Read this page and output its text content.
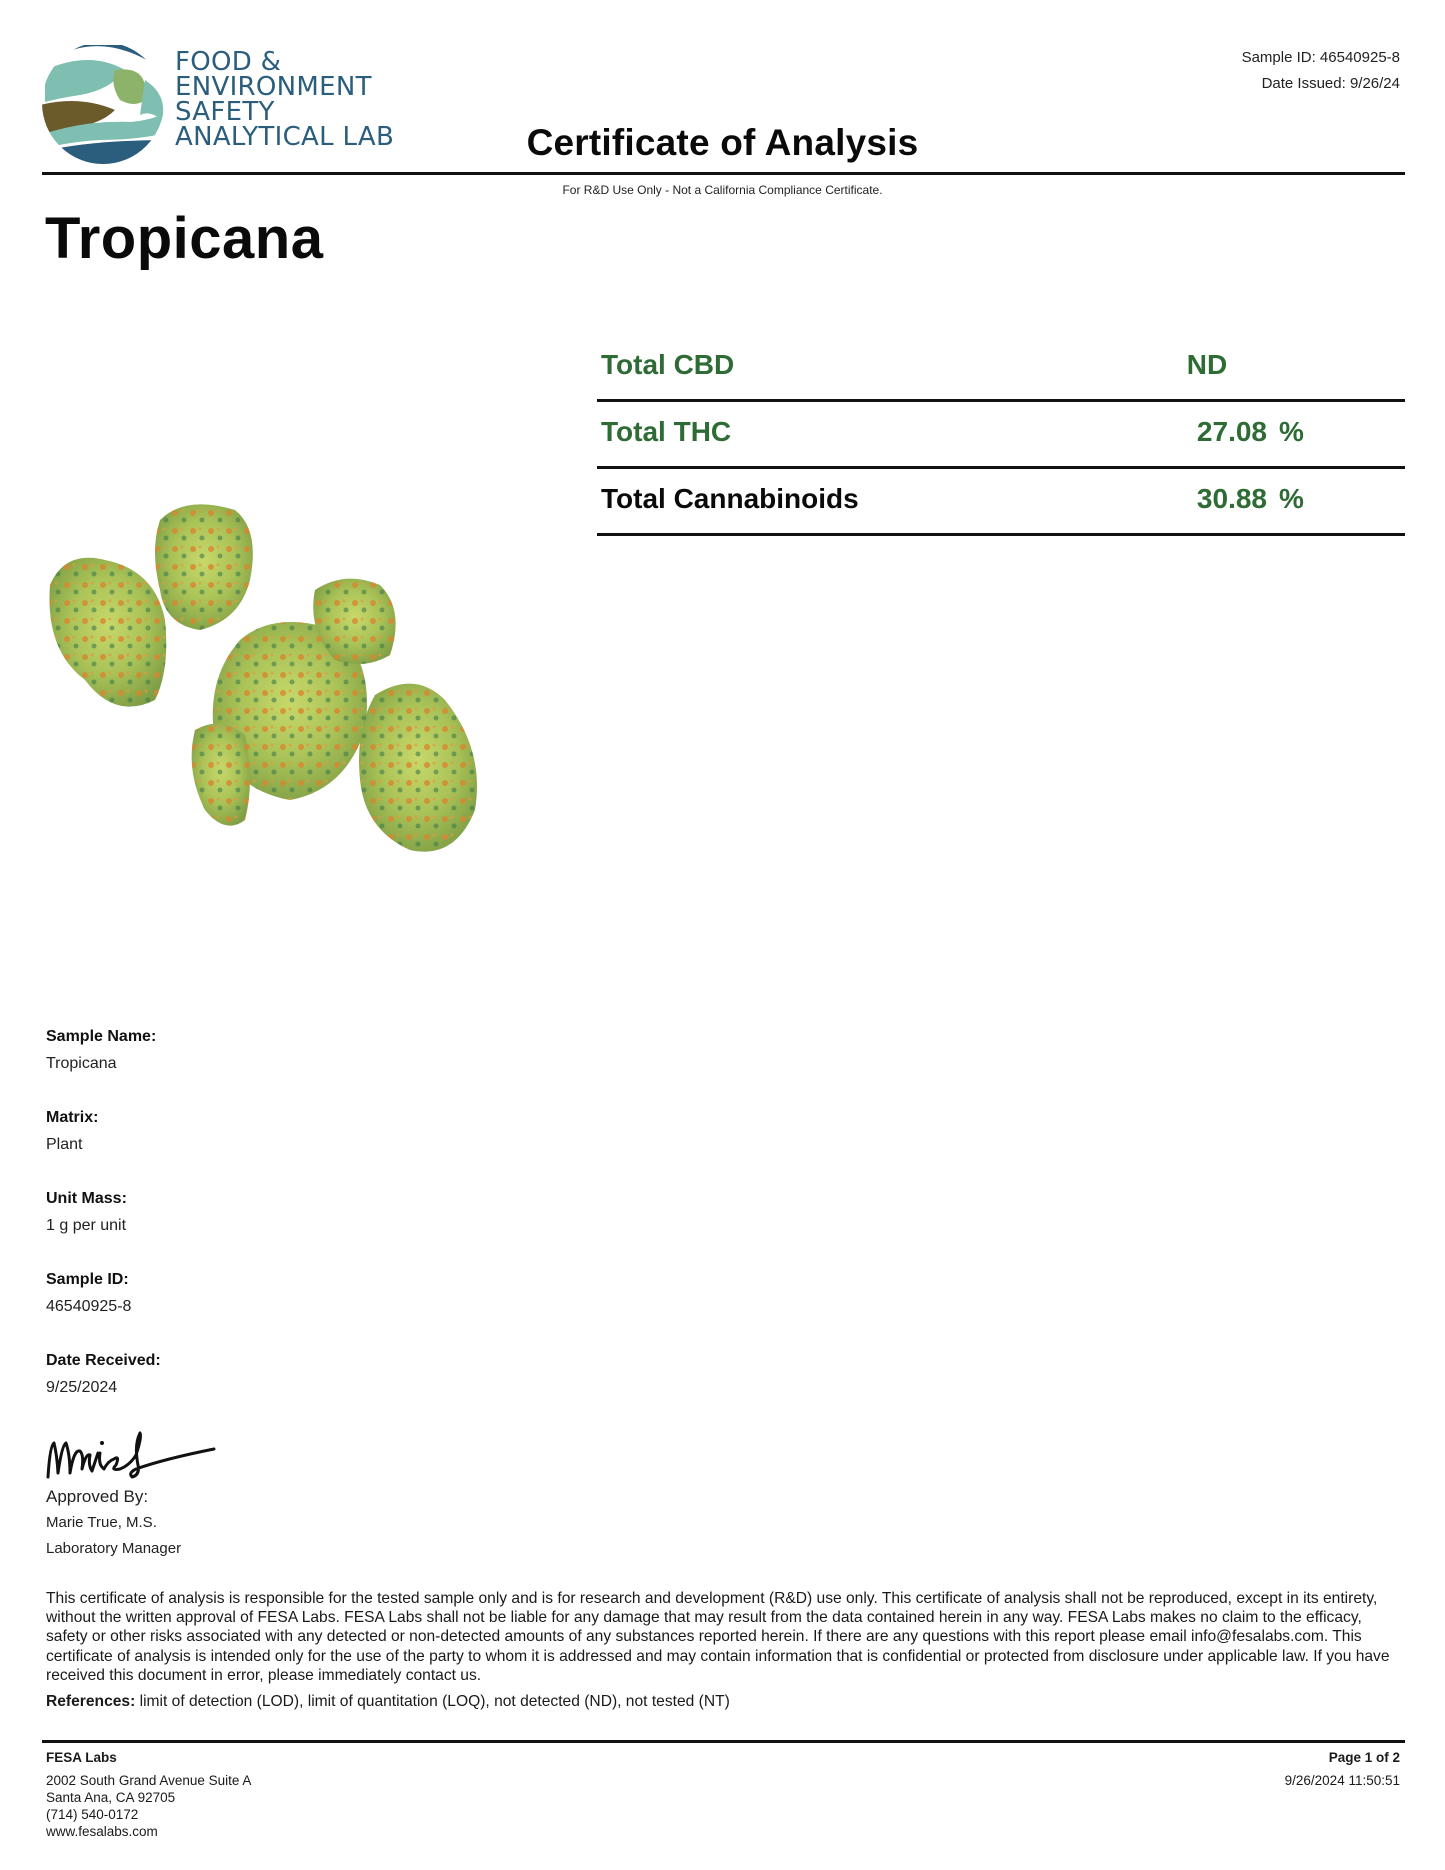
FOOD &
ENVIRONMENT
SAFETY
ANALYTICAL LAB
Sample ID: 46540925-8
Date Issued: 9/26/24
Certificate of Analysis
For R&D Use Only - Not a California Compliance Certificate.
Tropicana
Total CBD	ND
Total THC	27.08 %
Total Cannabinoids	30.88 %
Sample Name:
Tropicana
Matrix:
Plant
Unit Mass:
1 g per unit
Sample ID:
46540925-8
Date Received:
9/25/2024
Approved By:
Marie True, M.S.
Laboratory Manager
This certificate of analysis is responsible for the tested sample only and is for research and development (R&D) use only. This certificate of analysis shall not be reproduced, except in its entirety, without the written approval of FESA Labs. FESA Labs shall not be liable for any damage that may result from the data contained herein in any way. FESA Labs makes no claim to the efficacy, safety or other risks associated with any detected or non-detected amounts of any substances reported herein. If there are any questions with this report please email info@fesalabs.com. This certificate of analysis is intended only for the use of the party to whom it is addressed and may contain information that is confidential or protected from disclosure under applicable law. If you have received this document in error, please immediately contact us.
References: limit of detection (LOD), limit of quantitation (LOQ), not detected (ND), not tested (NT)
FESA Labs
2002 South Grand Avenue Suite A
Santa Ana, CA 92705
(714) 540-0172
www.fesalabs.com
Page 1 of 2
9/26/2024 11:50:51
